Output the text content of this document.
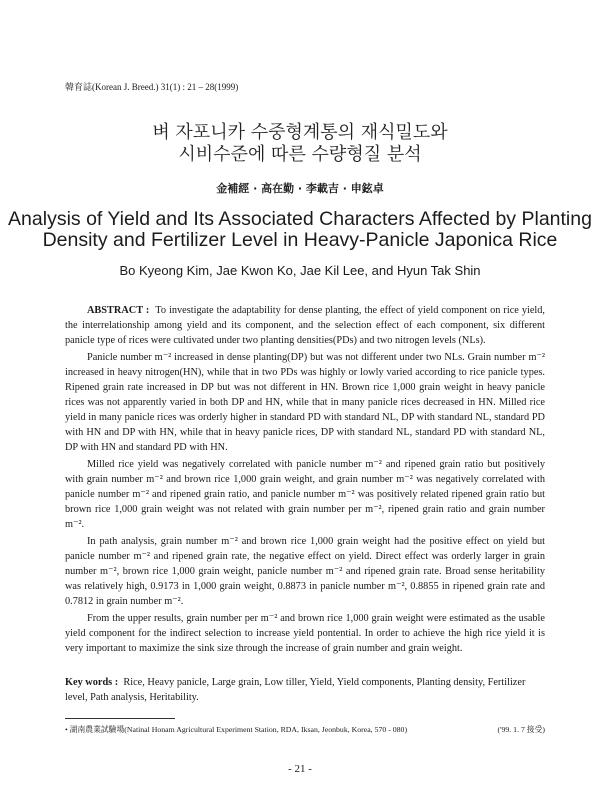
韓育誌(Korean J. Breed.) 31(1) : 21 – 28(1999)
벼 자포니카 수중형계통의 재식밀도와
시비수준에 따른 수량형질 분석
金補經 · 高在勤 · 李載吉 · 申鉉卓
Analysis of Yield and Its Associated Characters Affected by Planting
Density and Fertilizer Level in Heavy-Panicle Japonica Rice
Bo Kyeong Kim, Jae Kwon Ko, Jae Kil Lee, and Hyun Tak Shin

ABSTRACT : To investigate the adaptability for dense planting, the effect of yield component on rice yield, the interrelationship among yield and its component, and the selection effect of each component, six different panicle type of rices were cultivated under two planting densities(PDs) and two nitrogen levels (NLs).

Panicle number m⁻² increased in dense planting(DP) but was not different under two NLs. Grain number m⁻² increased in heavy nitrogen(HN), while that in two PDs was highly or lowly varied according to rice panicle types. Ripened grain rate increased in DP but was not different in HN. Brown rice 1,000 grain weight in heavy panicle rices was not apparently varied in both DP and HN, while that in many panicle rices decreased in HN. Milled rice yield in many panicle rices was orderly higher in standard PD with standard NL, DP with standard NL, standard PD with HN and DP with HN, while that in heavy panicle rices, DP with standard NL, standard PD with standard NL, DP with HN and standard PD with HN.

Milled rice yield was negatively correlated with panicle number m⁻² and ripened grain ratio but positively with grain number m⁻² and brown rice 1,000 grain weight, and grain number m⁻² was negatively correlated with panicle number m⁻² and ripened grain ratio, and panicle number m⁻² was positively related ripened grain ratio but brown rice 1,000 grain weight was not related with grain number per m⁻², ripened grain ratio and grain number m⁻².

In path analysis, grain number m⁻² and brown rice 1,000 grain weight had the positive effect on yield but panicle number m⁻² and ripened grain rate, the negative effect on yield. Direct effect was orderly larger in grain number m⁻², brown rice 1,000 grain weight, panicle number m⁻² and ripened grain rate. Broad sense heritability was relatively high, 0.9173 in 1,000 grain weight, 0.8873 in panicle number m⁻², 0.8855 in ripened grain rate and 0.7812 in grain number m⁻².

From the upper results, grain number per m⁻² and brown rice 1,000 grain weight were estimated as the usable yield component for the indirect selection to increase yield pontential. In order to achieve the high rice yield it is very important to maximize the sink size through the increase of grain number and grain weight.

Key words : Rice, Heavy panicle, Large grain, Low tiller, Yield, Yield components, Planting density, Fertilizer level, Path analysis, Heritability.
• 湖南農業試驗場(Natinal Honam Agricultural Experiment Station, RDA, Iksan, Jeonbuk, Korea, 570 - 080)	('99. 1. 7 接受)
- 21 -
